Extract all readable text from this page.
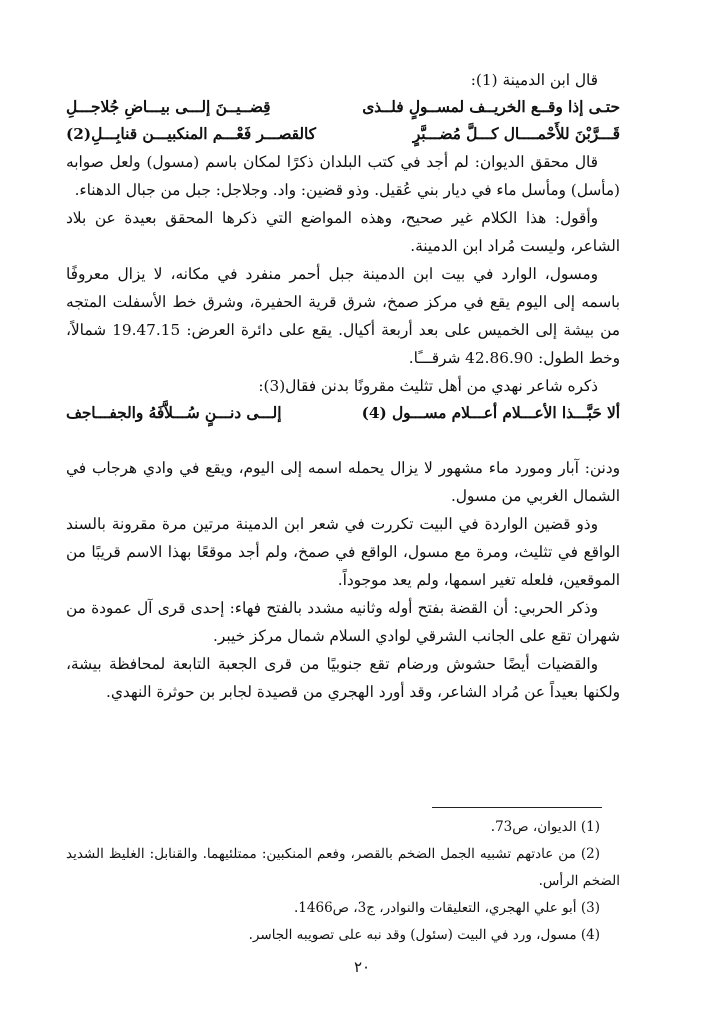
قال ابن الدمينة (1):

حتـى إذا وقــع الخريــف لمســولٍ فلــذى
قِضــيــنَ إلـــى بيـــاضِ جُلاجـــلِ
قَـــرَّبْنَ للأَحْمــــال كـــلَّ مُضـــبَّرٍ
كالقصـــر فَعْـــم المنكبيـــن قنابِـــلِ(2)

قال محقق الديوان: لم أجد في كتب البلدان ذكرًا لمكان باسم (مسول) ولعل صوابه (مأسل) ومأسل ماء في ديار بني عُقيل. وذو قضين: واد. وجلاجل: جبل من جبال الدهناء.

وأقول: هذا الكلام غير صحيح، وهذه المواضع التي ذكرها المحقق بعيدة عن بلاد الشاعر، وليست مُراد ابن الدمينة.

ومسول، الوارد في بيت ابن الدمينة جبل أحمر منفرد في مكانه، لا يزال معروفًا باسمه إلى اليوم يقع في مركز صمخ، شرق قرية الحفيرة، وشرق خط الأسفلت المتجه من بيشة إلى الخميس على بعد أربعة أكيال. يقع على دائرة العرض: 19.47.15 شمالاً، وخط الطول: 42.86.90 شرقـــًا.

ذكره شاعر نهدي من أهل تثليث مقرونًا بدنن فقال(3):

ألا حَبَّـــذا الأعـــلام أعـــلام مســـول (4)
إلـــى دنـــنٍ سُـــلاَّفَهُ والجفـــاجف

ودنن: آبار ومورد ماء مشهور لا يزال يحمله اسمه إلى اليوم، ويقع في وادي هرجاب في الشمال الغربي من مسول.

وذو قضين الواردة في البيت تكررت في شعر ابن الدمينة مرتين مرة مقرونة بالسند الواقع في تثليث، ومرة مع مسول، الواقع في صمخ، ولم أجد موقعًا بهذا الاسم قريبًا من الموقعين، فلعله تغير اسمها، ولم يعد موجوداً.

وذكر الحربي: أن القضة بفتح أوله وثانيه مشدد بالفتح فهاء: إحدى قرى آل عمودة من شهران تقع على الجانب الشرقي لوادي السلام شمال مركز خيبر.

والقضيات أيضًا حشوش ورضام تقع جنوبيًا من قرى الجعبة التابعة لمحافظة بيشة، ولكنها بعيداً عن مُراد الشاعر، وقد أورد الهجري من قصيدة لجابر بن حوثرة النهدي.

(1) الديوان، ص73.

(2) من عادتهم تشبيه الجمل الضخم بالقصر، وفعم المنكبين: ممتلئيهما. والقنابل: الغليظ الشديد الضخم الرأس.

(3) أبو علي الهجري، التعليقات والنوادر، ج3، ص1466.

(4) مسول، ورد في البيت (سئول) وقد نبه على تصويبه الجاسر.

٢٠
